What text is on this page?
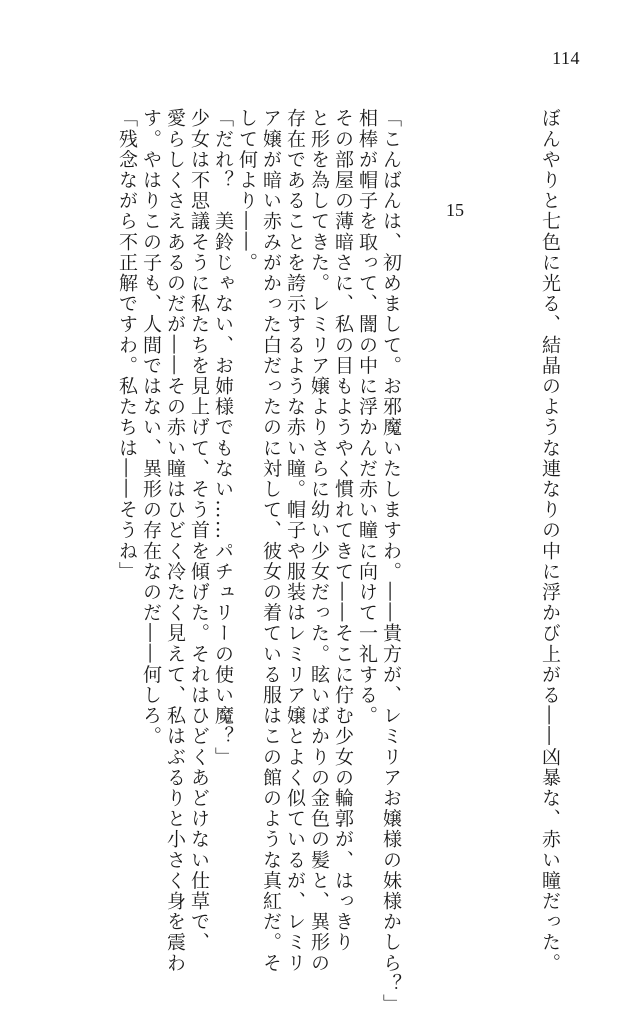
114
15	ぼんやりと七色に光る、結晶のような連なりの中に浮かび上がる――凶暴な、赤い瞳だった。
「こんばんは、初めまして。お邪魔いたしますわ。――貴方が、レミリアお嬢様の妹様かしら？」
相棒が帽子を取って、闇の中に浮かんだ赤い瞳に向けて一礼する。
その部屋の薄暗さに、私の目もようやく慣れてきて――そこに佇む少女の輪郭が、はっきり
と形を為してきた。レミリア嬢よりさらに幼い少女だった。眩いばかりの金色の髪と、異形の
存在であることを誇示するような赤い瞳。帽子や服装はレミリア嬢とよく似ているが、レミリ
ア嬢が暗い赤みがかった白だったのに対して、彼女の着ている服はこの館のような真紅だ。そ
して何より――。
「だれ？　美鈴じゃない、お姉様でもない……パチュリーの使い魔？」
少女は不思議そうに私たちを見上げて、そう首を傾げた。それはひどくあどけない仕草で、
愛らしくさえあるのだが――その赤い瞳はひどく冷たく見えて、私はぶるりと小さく身を震わ
す。やはりこの子も、人間ではない、異形の存在なのだ――何しろ。
「残念ながら不正解ですわ。私たちは――そうね」
